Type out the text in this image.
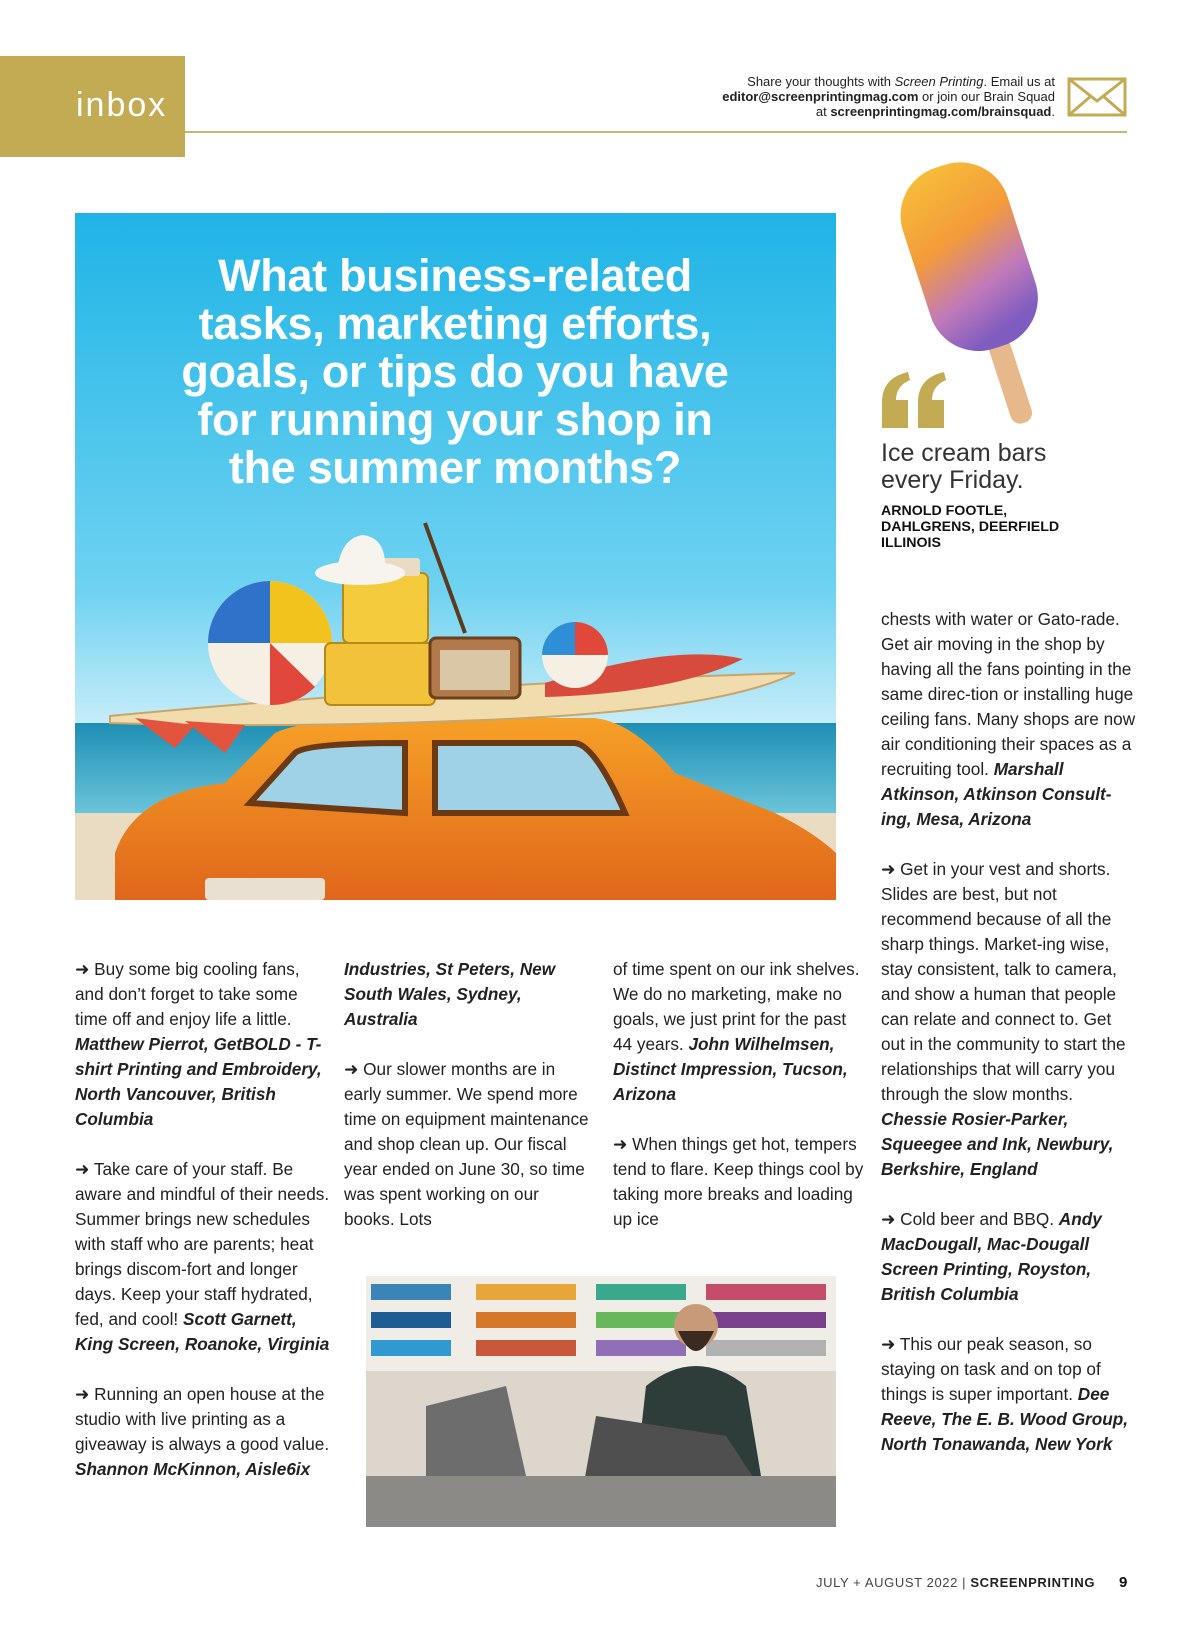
inbox
Share your thoughts with Screen Printing. Email us at
editor@screenprintingmag.com or join our Brain Squad
at screenprintingmag.com/brainsquad.
What business-related
tasks, marketing efforts,
goals, or tips do you have
for running your shop in
the summer months?	Ice cream bars
every Friday.
ARNOLD FOOTLE,
DAHLGRENS, DEERFIELD
ILLINOIS

➜ Buy some big cooling fans, and don’t forget to take some time off and enjoy life a little. Matthew Pierrot, GetBOLD - T-shirt Printing and Embroidery, North Vancouver, British Columbia

➜ Take care of your staff. Be aware and mindful of their needs. Summer brings new schedules with staff who are parents; heat brings discom-fort and longer days. Keep your staff hydrated, fed, and cool! Scott Garnett, King Screen, Roanoke, Virginia

➜ Running an open house at the studio with live printing as a giveaway is always a good value. Shannon McKinnon, Aisle6ix

Industries, St Peters, New South Wales, Sydney, Australia

➜ Our slower months are in early summer. We spend more time on equipment maintenance and shop clean up. Our fiscal year ended on June 30, so time was spent working on our books. Lots

of time spent on our ink shelves. We do no marketing, make no goals, we just print for the past 44 years. John Wilhelmsen, Distinct Impression, Tucson, Arizona

➜ When things get hot, tempers tend to flare. Keep things cool by taking more breaks and loading up ice

chests with water or Gato-rade. Get air moving in the shop by having all the fans pointing in the same direc-tion or installing huge ceiling fans. Many shops are now air conditioning their spaces as a recruiting tool. Marshall Atkinson, Atkinson Consult-ing, Mesa, Arizona

➜ Get in your vest and shorts. Slides are best, but not recommend because of all the sharp things. Market-ing wise, stay consistent, talk to camera, and show a human that people can relate and connect to. Get out in the community to start the relationships that will carry you through the slow months. Chessie Rosier-Parker, Squeegee and Ink, Newbury, Berkshire, England

➜ Cold beer and BBQ. Andy MacDougall, Mac-Dougall Screen Printing, Royston, British Columbia

➜ This our peak season, so staying on task and on top of things is super important. Dee Reeve, The E. B. Wood Group, North Tonawanda, New York

JULY + AUGUST 2022 | SCREENPRINTING 9
